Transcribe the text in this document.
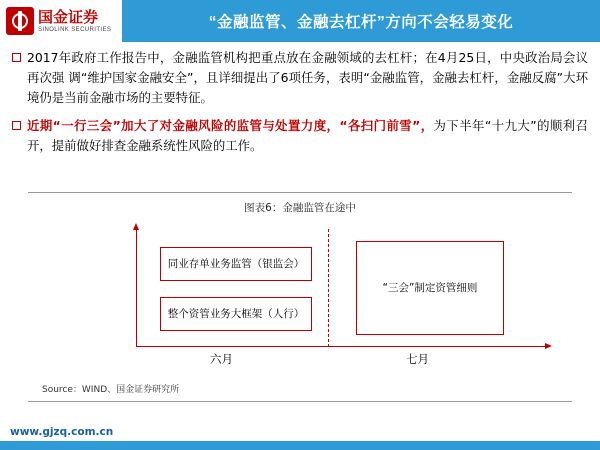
国金证券
SINOLINK SECURITIES	“金融监管、金融去杠杆”方向不会轻易变化
2017年政府工作报告中，金融监管机构把重点放在金融领域的去杠杆；在4月25日，中央政治局会议再次强 调“维护国家金融安全”，且详细提出了6项任务，表明“金融监管，金融去杠杆，金融反腐”大环境仍是当前金融市场的主要特征。
近期“一行三会”加大了对金融风险的监管与处置力度，“各扫门前雪”，为下半年“十九大”的顺利召开，提前做好排查金融系统性风险的工作。
图表6：金融监管在途中
同业存单业务监管（银监会）
整个资管业务大框架（人行）
“三会”制定资管细则
六月	七月
Source：WIND、国金证券研究所
www.gjzq.com.cn
